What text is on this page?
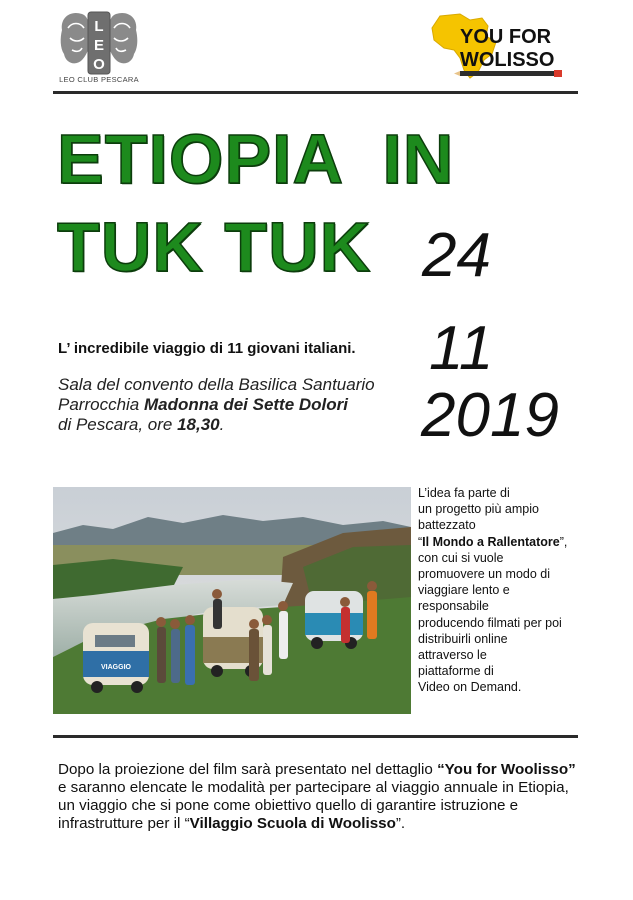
L
E
O
LEO CLUB PESCARA
YOU FOR
WOLISSO
ETIOPIA  IN
TUK TUK 24
11
2019
L’ incredibile viaggio di 11 giovani italiani.
Sala del convento della Basilica Santuario
Parrocchia Madonna dei Sette Dolori
di Pescara, ore 18,30.
VIAGGIO
L’idea fa parte di
un progetto più ampio
battezzato
“Il Mondo a Rallentatore”,
con cui si vuole
promuovere un modo di
viaggiare lento e
responsabile
producendo filmati per poi
distribuirli online
attraverso le
piattaforme di
Video on Demand.
Dopo la proiezione del film sarà presentato nel dettaglio “You for Woolisso” e saranno elencate le modalità per partecipare al viaggio annuale in Etiopia, un viaggio che si pone come obiettivo quello di garantire istruzione e infrastrutture per il “Villaggio Scuola di Woolisso”.
